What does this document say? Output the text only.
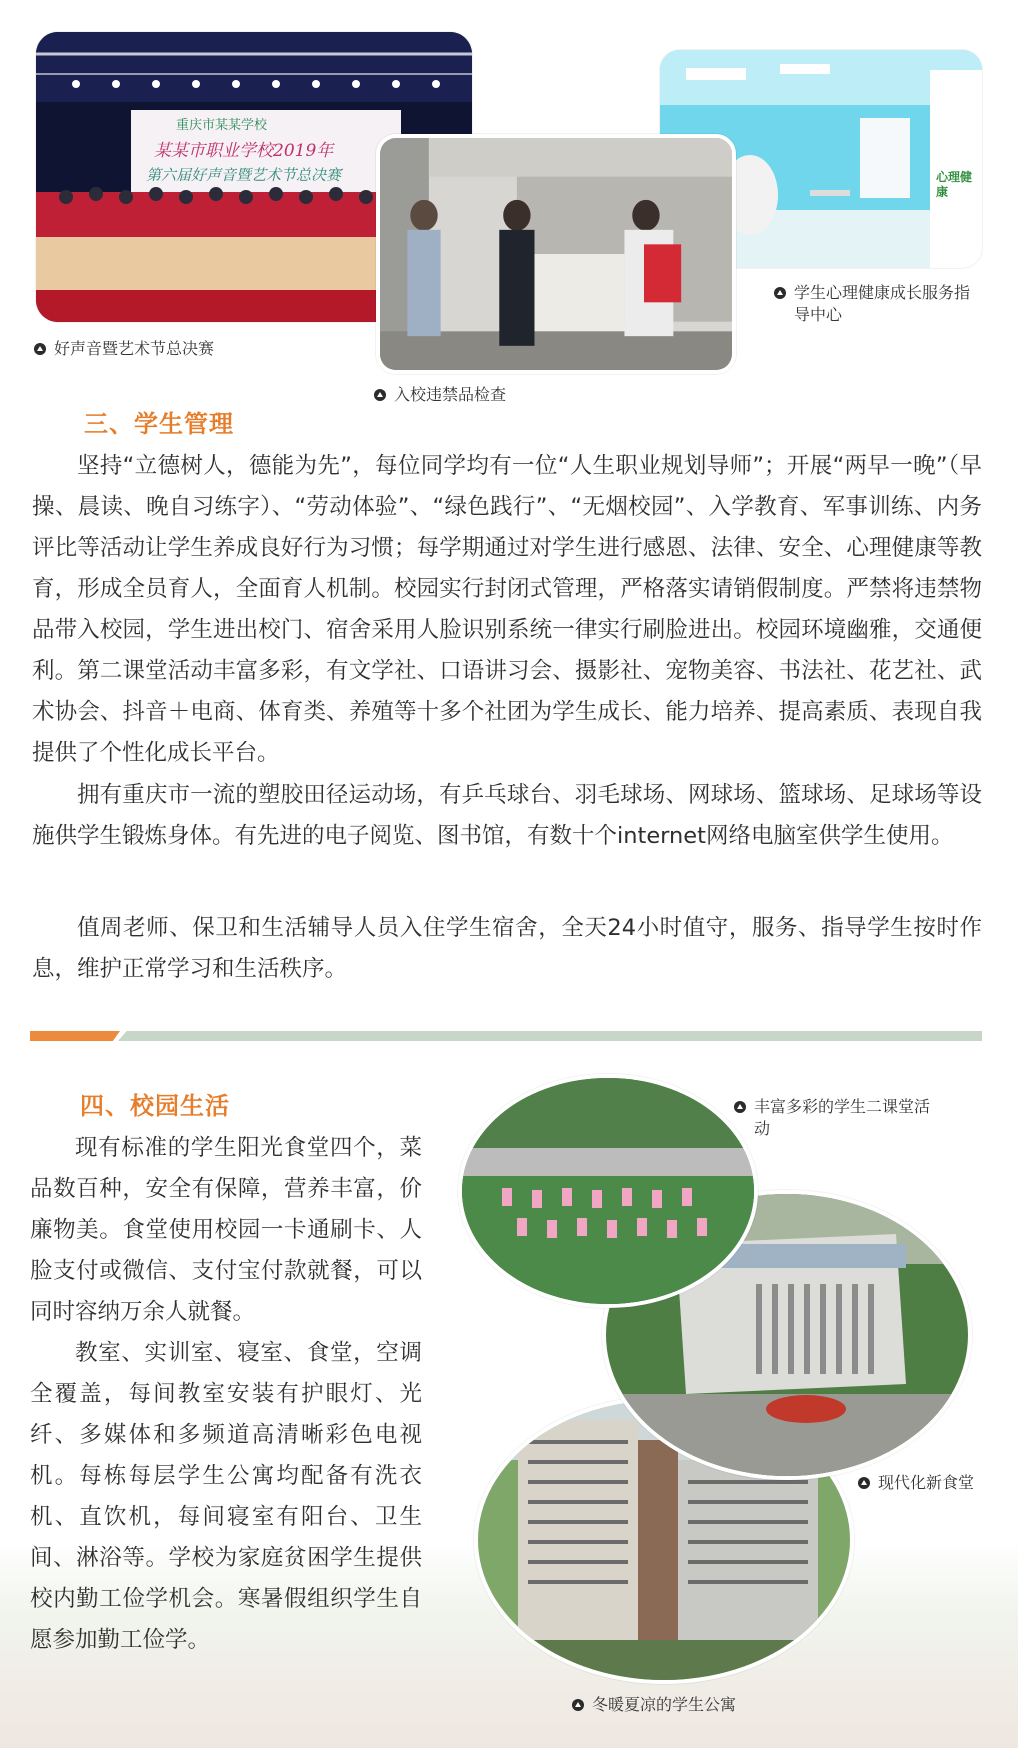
重庆市某某学校
某某市职业学校2019年
第六届好声音暨艺术节总决赛	心理健康
好声音暨艺术节总决赛
入校违禁品检查
学生心理健康成长服务指导中心
三、学生管理

坚持“立德树人，德能为先”，每位同学均有一位“人生职业规划导师”；开展“两早一晚”（早操、晨读、晚自习练字）、“劳动体验”、“绿色践行”、“无烟校园”、入学教育、军事训练、内务评比等活动让学生养成良好行为习惯；每学期通过对学生进行感恩、法律、安全、心理健康等教育，形成全员育人，全面育人机制。校园实行封闭式管理，严格落实请销假制度。严禁将违禁物品带入校园，学生进出校门、宿舍采用人脸识别系统一律实行刷脸进出。校园环境幽雅，交通便利。第二课堂活动丰富多彩，有文学社、口语讲习会、摄影社、宠物美容、书法社、花艺社、武术协会、抖音＋电商、体育类、养殖等十多个社团为学生成长、能力培养、提高素质、表现自我提供了个性化成长平台。

拥有重庆市一流的塑胶田径运动场，有乒乓球台、羽毛球场、网球场、篮球场、足球场等设施供学生锻炼身体。有先进的电子阅览、图书馆，有数十个internet网络电脑室供学生使用。

值周老师、保卫和生活辅导人员入住学生宿舍，全天24小时值守，服务、指导学生按时作息，维护正常学习和生活秩序。

四、校园生活

现有标准的学生阳光食堂四个，菜品数百种，安全有保障，营养丰富，价廉物美。食堂使用校园一卡通刷卡、人脸支付或微信、支付宝付款就餐，可以同时容纳万余人就餐。

教室、实训室、寝室、食堂，空调全覆盖，每间教室安装有护眼灯、光纤、多媒体和多频道高清晰彩色电视机。每栋每层学生公寓均配备有洗衣机、直饮机，每间寝室有阳台、卫生间、淋浴等。学校为家庭贫困学生提供校内勤工俭学机会。寒暑假组织学生自愿参加勤工俭学。

丰富多彩的学生二课堂活动
现代化新食堂
冬暖夏凉的学生公寓
